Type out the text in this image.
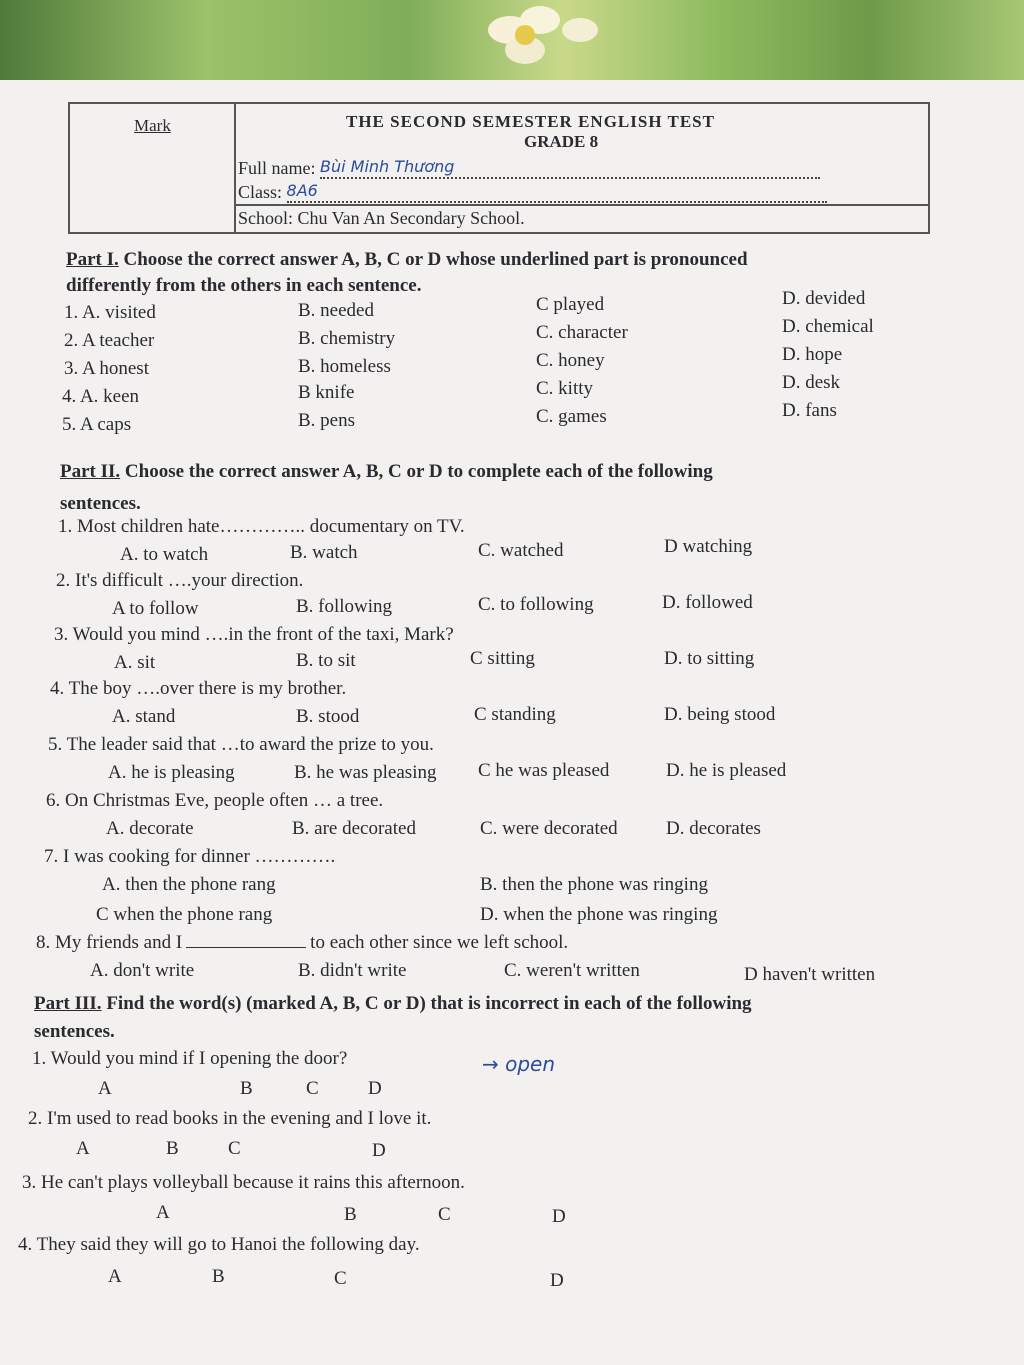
Mark	THE SECOND SEMESTER ENGLISH TEST
GRADE 8
Full name: Bùi Minh Thương
Class: 8A6
School: Chu Van An Secondary School.
Part I. Choose the correct answer A, B, C or D whose underlined part is pronounced
differently from the others in each sentence.
1. A. visited	B. needed	C played	D. devided
2. A teacher	B. chemistry	C. character	D. chemical
3. A honest	B. homeless	C. honey	D. hope
4. A. keen	B knife	C. kitty	D. desk
5. A caps	B. pens	C. games	D. fans
Part II. Choose the correct answer A, B, C or D to complete each of the following
sentences.
1. Most children hate………….. documentary on TV.
A. to watch	B. watch	C. watched	D watching
2. It's difficult ….your direction.
A to follow	B. following	C. to following	D. followed
3. Would you mind ….in the front of the taxi, Mark?
A. sit	B. to sit	C sitting	D. to sitting
4. The boy ….over there is my brother.
A. stand	B. stood	C standing	D. being stood
5. The leader said that …to award the prize to you.
A. he is pleasing	B. he was pleasing C he was pleased	D. he is pleased
6. On Christmas Eve, people often … a tree.
A. decorate	B. are decorated	C. were decorated	D. decorates
7. I was cooking for dinner ………….
A. then the phone rang	B. then the phone was ringing
C when the phone rang	D. when the phone was ringing
8. My friends and I	to each other since we left school.
A. don't write	B. didn't write	C. weren't written	D haven't written
Part III. Find the word(s) (marked A, B, C or D) that is incorrect in each of the following
sentences.
1. Would you mind if I opening the door?	→ open
A	B	C	D
2. I'm used to read books in the evening and I love it.
A	B	C	D
3. He can't plays volleyball because it rains this afternoon.
A	B	C	D
4. They said they will go to Hanoi the following day.
A	B	C	D
